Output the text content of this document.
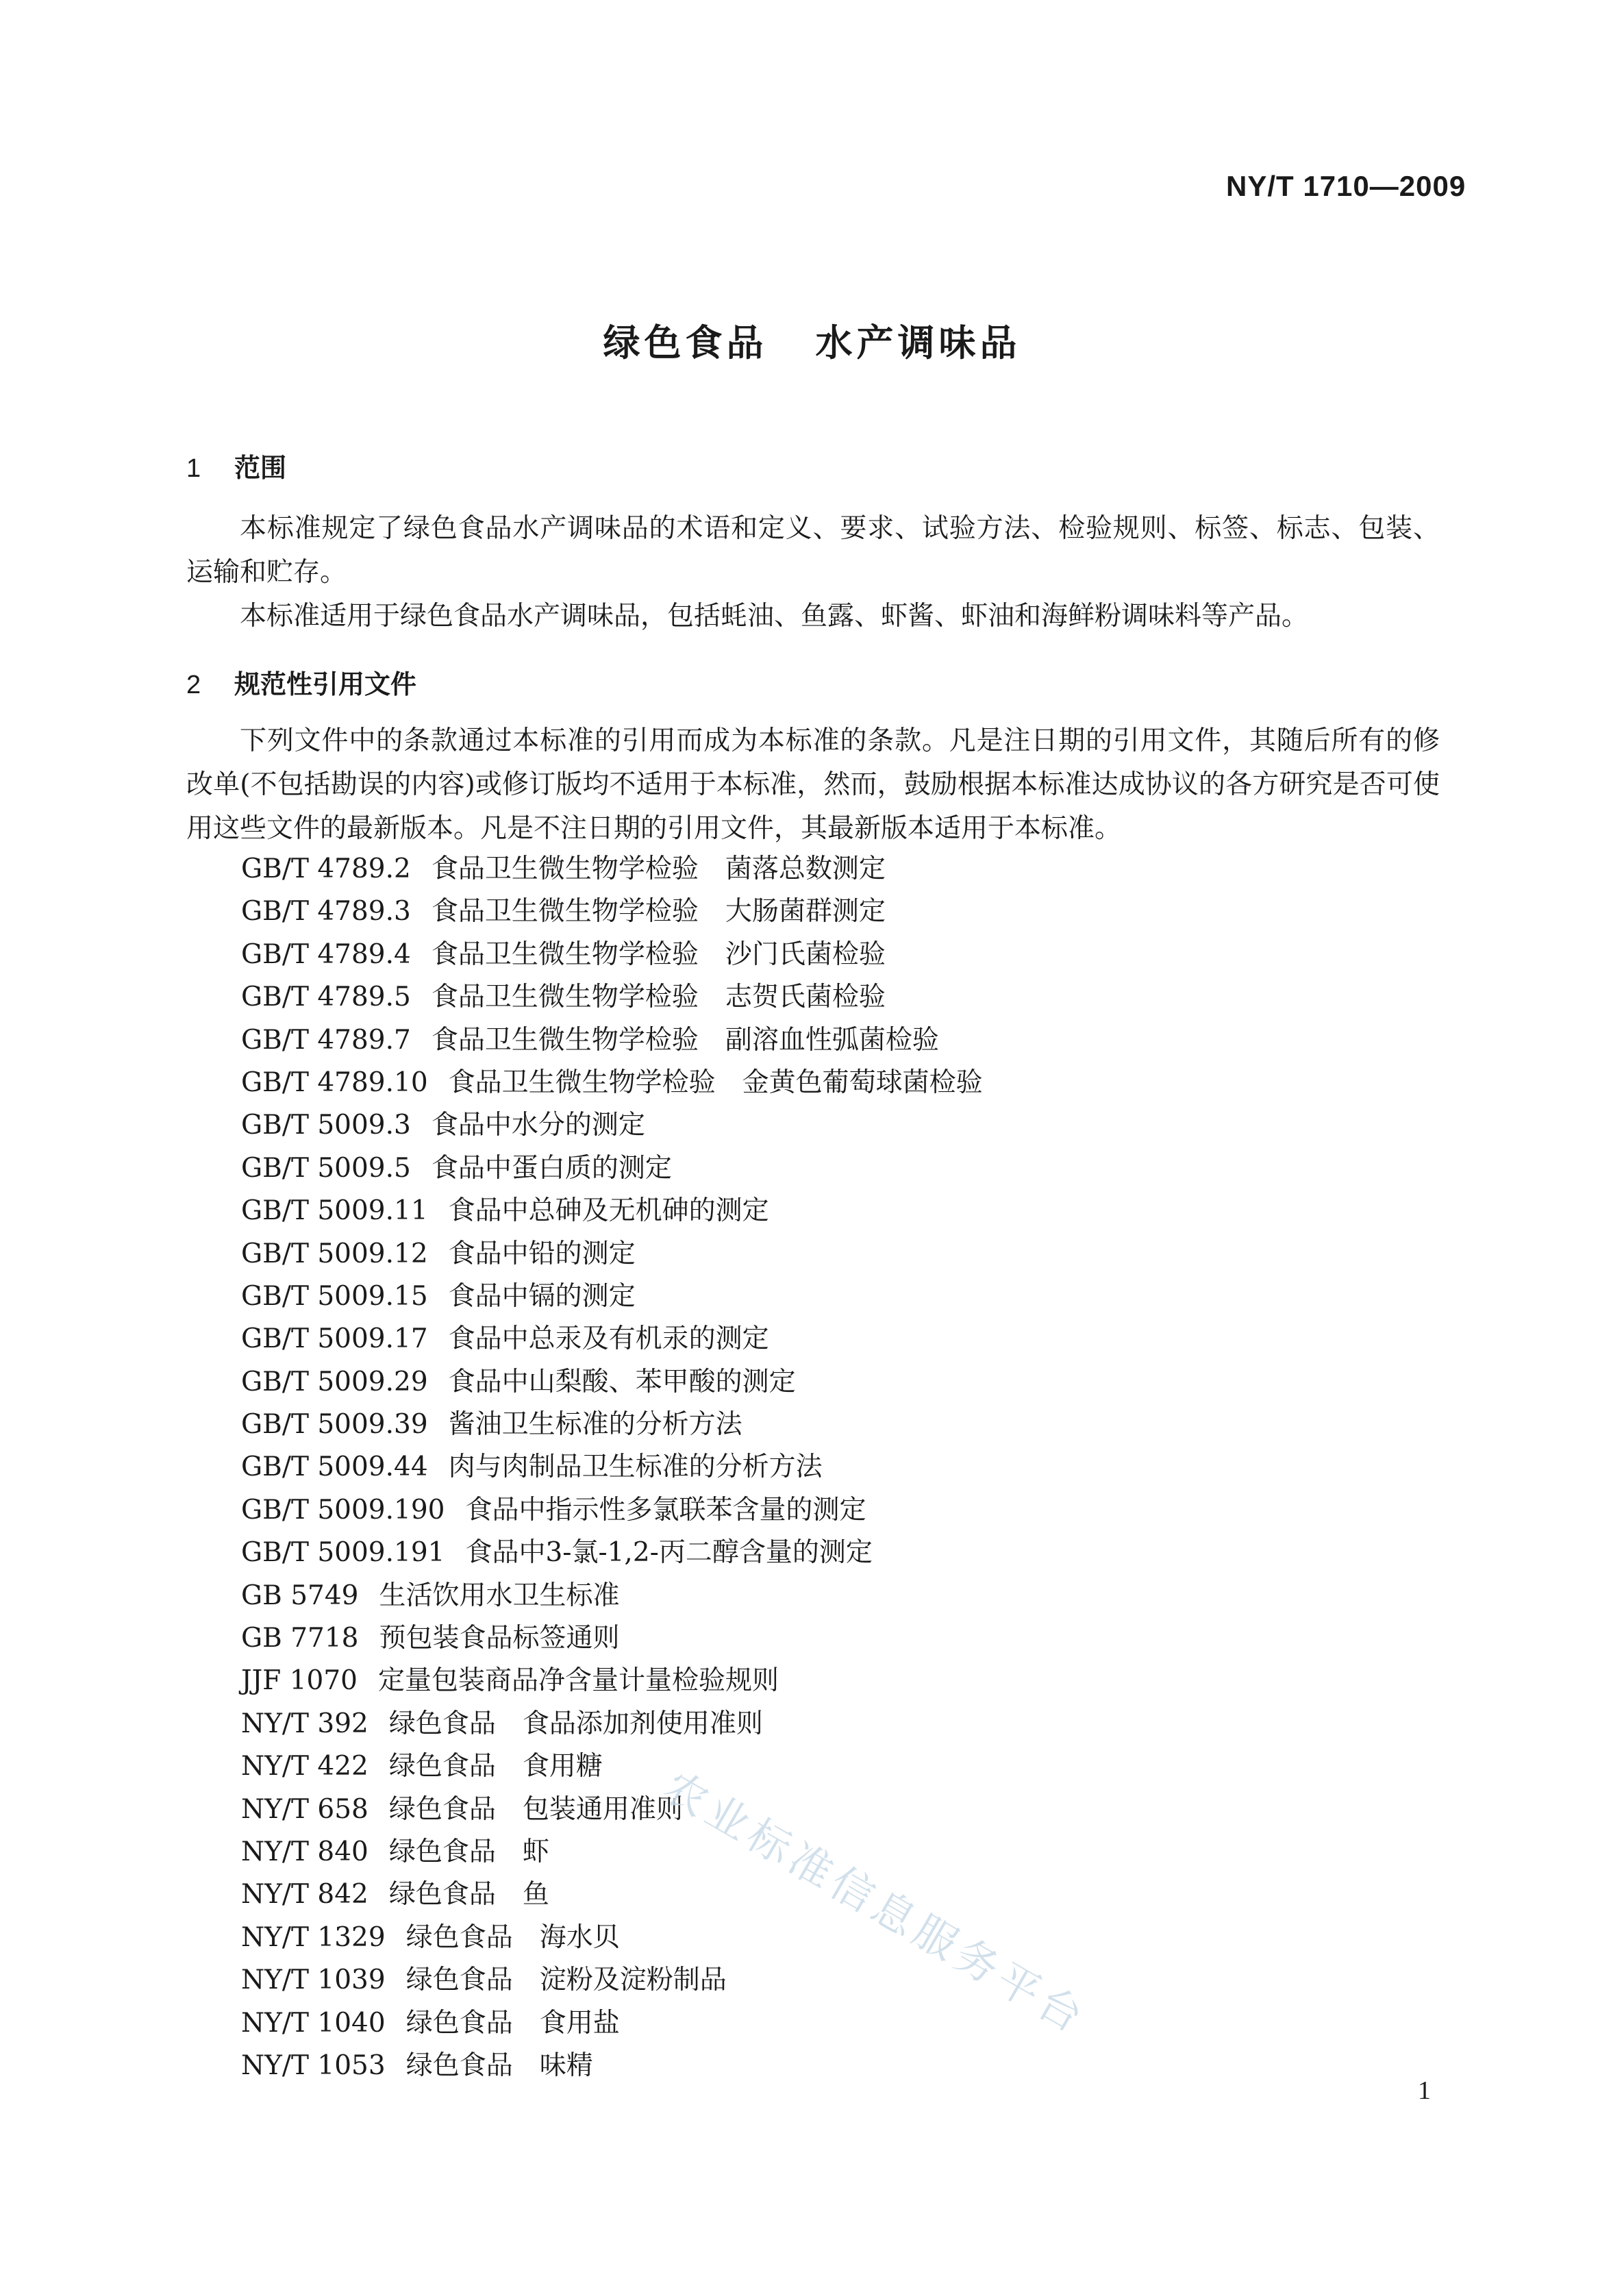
NY/T 1710—2009
绿色食品 水产调味品
1 范围
本标准规定了绿色食品水产调味品的术语和定义、要求、试验方法、检验规则、标签、标志、包装、运输和贮存。
本标准适用于绿色食品水产调味品，包括蚝油、鱼露、虾酱、虾油和海鲜粉调味料等产品。
2 规范性引用文件
下列文件中的条款通过本标准的引用而成为本标准的条款。凡是注日期的引用文件，其随后所有的修改单(不包括勘误的内容)或修订版均不适用于本标准，然而，鼓励根据本标准达成协议的各方研究是否可使用这些文件的最新版本。凡是不注日期的引用文件，其最新版本适用于本标准。
GB/T 4789.2 食品卫生微生物学检验　菌落总数测定
GB/T 4789.3 食品卫生微生物学检验　大肠菌群测定
GB/T 4789.4 食品卫生微生物学检验　沙门氏菌检验
GB/T 4789.5 食品卫生微生物学检验　志贺氏菌检验
GB/T 4789.7 食品卫生微生物学检验　副溶血性弧菌检验
GB/T 4789.10 食品卫生微生物学检验　金黄色葡萄球菌检验
GB/T 5009.3 食品中水分的测定
GB/T 5009.5 食品中蛋白质的测定
GB/T 5009.11 食品中总砷及无机砷的测定
GB/T 5009.12 食品中铅的测定
GB/T 5009.15 食品中镉的测定
GB/T 5009.17 食品中总汞及有机汞的测定
GB/T 5009.29 食品中山梨酸、苯甲酸的测定
GB/T 5009.39 酱油卫生标准的分析方法
GB/T 5009.44 肉与肉制品卫生标准的分析方法
GB/T 5009.190 食品中指示性多氯联苯含量的测定
GB/T 5009.191 食品中3-氯-1,2-丙二醇含量的测定
GB 5749 生活饮用水卫生标准
GB 7718 预包装食品标签通则
JJF 1070 定量包装商品净含量计量检验规则
NY/T 392 绿色食品　食品添加剂使用准则
NY/T 422 绿色食品　食用糖
NY/T 658 绿色食品　包装通用准则
NY/T 840 绿色食品　虾
NY/T 842 绿色食品　鱼
NY/T 1329 绿色食品　海水贝
NY/T 1039 绿色食品　淀粉及淀粉制品
NY/T 1040 绿色食品　食用盐
NY/T 1053 绿色食品　味精
农业标准信息服务平台
1
